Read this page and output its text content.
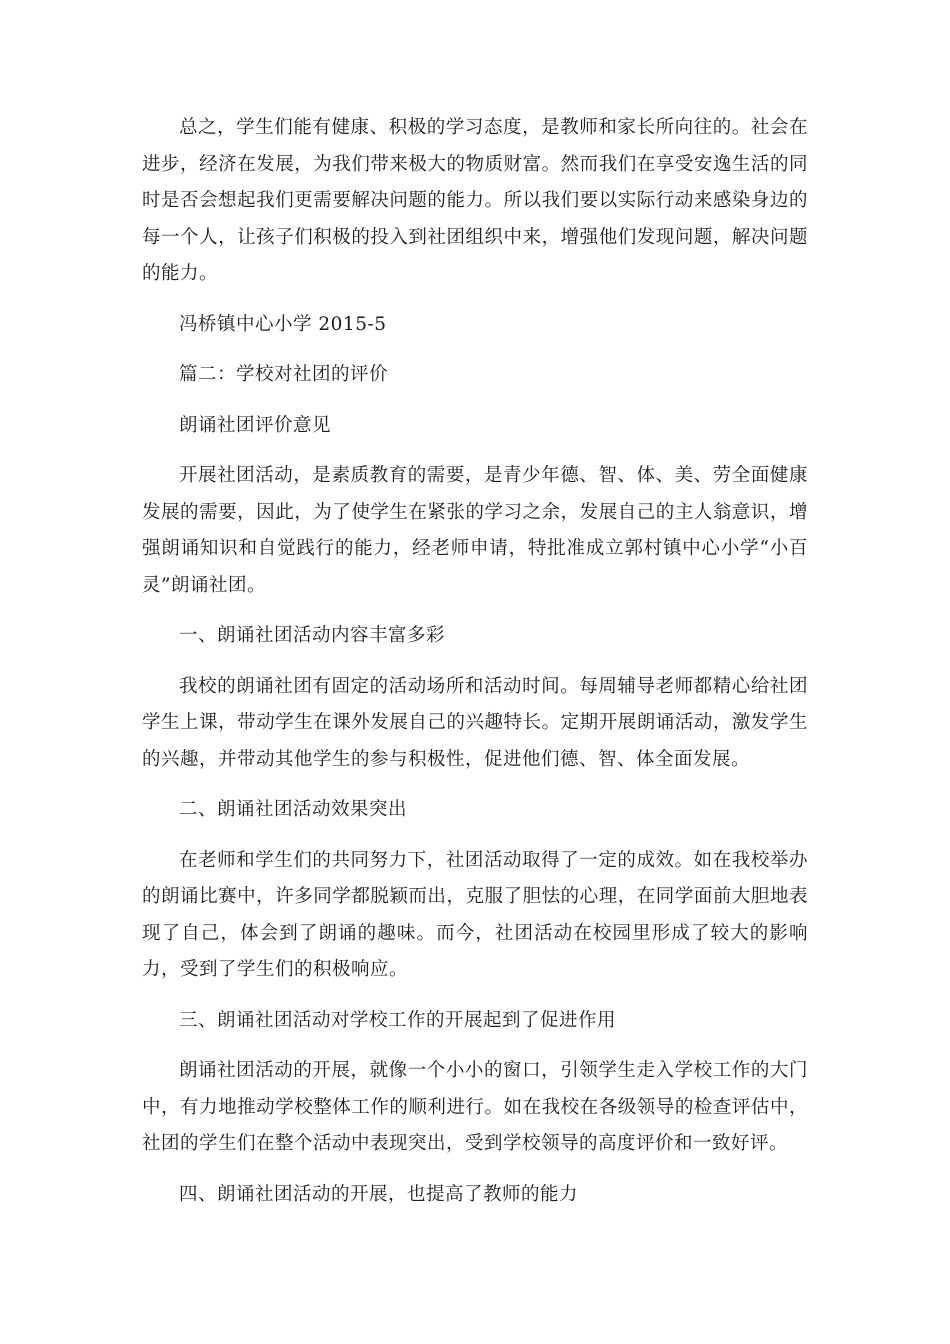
总之，学生们能有健康、积极的学习态度，是教师和家长所向往的。社会在进步，经济在发展，为我们带来极大的物质财富。然而我们在享受安逸生活的同时是否会想起我们更需要解决问题的能力。所以我们要以实际行动来感染身边的每一个人，让孩子们积极的投入到社团组织中来，增强他们发现问题，解决问题的能力。

冯桥镇中心小学 2015-5

篇二：学校对社团的评价

朗诵社团评价意见

开展社团活动，是素质教育的需要，是青少年德、智、体、美、劳全面健康发展的需要，因此，为了使学生在紧张的学习之余，发展自己的主人翁意识，增强朗诵知识和自觉践行的能力，经老师申请，特批准成立郭村镇中心小学“小百灵”朗诵社团。

一、朗诵社团活动内容丰富多彩

我校的朗诵社团有固定的活动场所和活动时间。每周辅导老师都精心给社团学生上课，带动学生在课外发展自己的兴趣特长。定期开展朗诵活动，激发学生的兴趣，并带动其他学生的参与积极性，促进他们德、智、体全面发展。

二、朗诵社团活动效果突出

在老师和学生们的共同努力下，社团活动取得了一定的成效。如在我校举办的朗诵比赛中，许多同学都脱颖而出，克服了胆怯的心理，在同学面前大胆地表现了自己，体会到了朗诵的趣味。而今，社团活动在校园里形成了较大的影响力，受到了学生们的积极响应。

三、朗诵社团活动对学校工作的开展起到了促进作用

朗诵社团活动的开展，就像一个小小的窗口，引领学生走入学校工作的大门中，有力地推动学校整体工作的顺利进行。如在我校在各级领导的检查评估中，社团的学生们在整个活动中表现突出，受到学校领导的高度评价和一致好评。

四、朗诵社团活动的开展，也提高了教师的能力
